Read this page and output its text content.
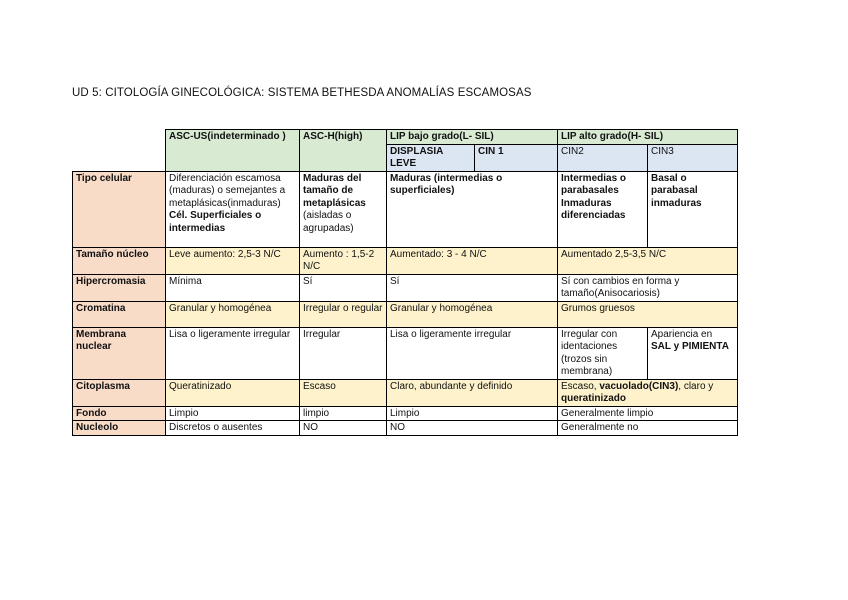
UD 5: CITOLOGÍA GINECOLÓGICA: SISTEMA BETHESDA ANOMALÍAS ESCAMOSAS
	ASC-US(indeterminado )	ASC-H(high)	LIP bajo grado(L- SIL)		LIP alto grado(H- SIL)	
			DISPLASIA LEVE	CIN 1	CIN2	CIN3
Tipo celular	Diferenciación escamosa (maduras) o semejantes a metaplásicas(inmaduras) Cél. Superficiales o intermedias	Maduras del tamaño de metaplásicas (aisladas o agrupadas)	Maduras (intermedias o superficiales)		Intermedias o parabasales Inmaduras diferenciadas	Basal o parabasal inmaduras
Tamaño núcleo	Leve aumento: 2,5-3 N/C	Aumento : 1,5-2 N/C	Aumentado: 3 - 4 N/C		Aumentado 2,5-3,5 N/C	
Hipercromasia	Mínima	Sí	Sí		Sí con cambios en forma y tamaño(Anisocariosis)	
Cromatina	Granular y homogénea	Irregular o regular	Granular y homogénea		Grumos gruesos	
Membrana nuclear	Lisa o ligeramente irregular	Irregular	Lisa o ligeramente irregular		Irregular con identaciones (trozos sin membrana)	Apariencia en SAL y PIMIENTA
Citoplasma	Queratinizado	Escaso	Claro, abundante y definido		Escaso, vacuolado(CIN3), claro y queratinizado	
Fondo	Limpio	limpio	Limpio		Generalmente limpio	
Nucleolo	Discretos o ausentes	NO	NO		Generalmente no	
